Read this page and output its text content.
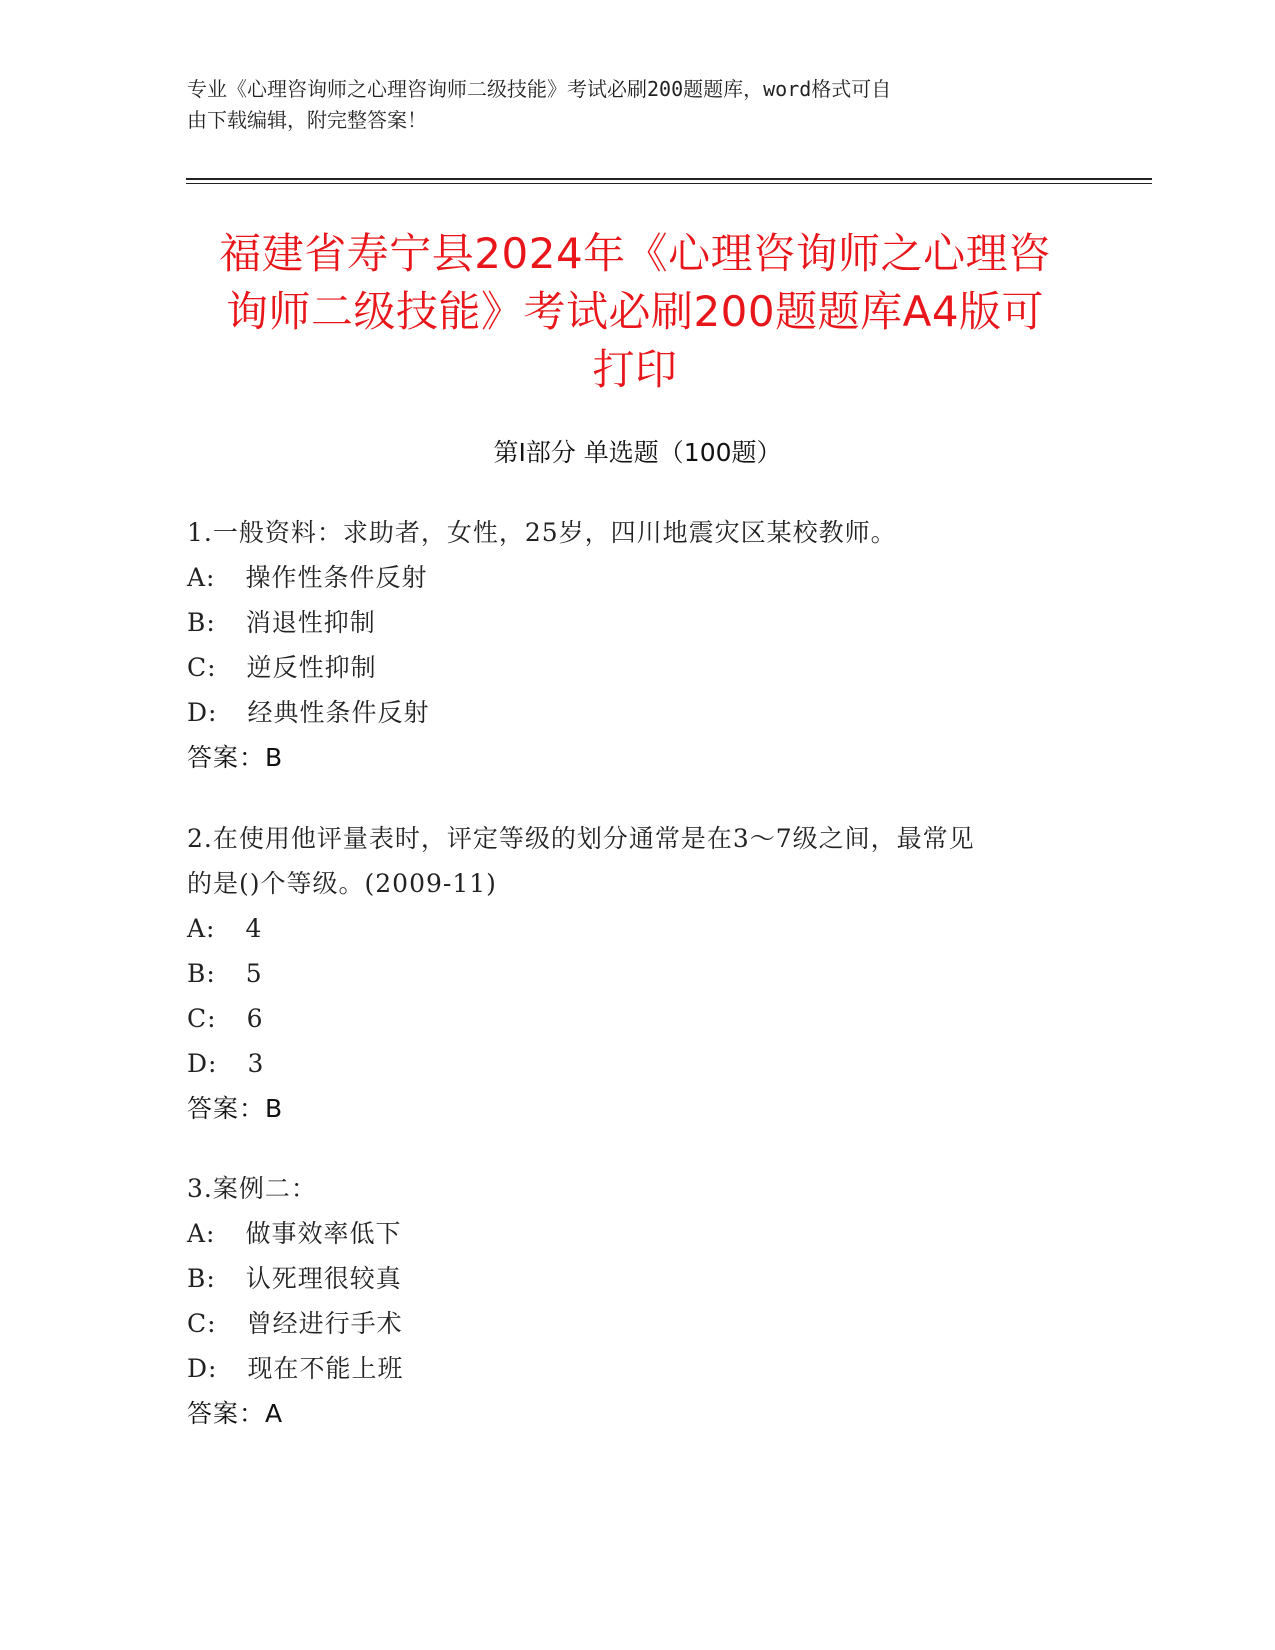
专业《心理咨询师之心理咨询师二级技能》考试必刷200题题库，word格式可自
由下载编辑，附完整答案！
福建省寿宁县2024年《心理咨询师之心理咨
询师二级技能》考试必刷200题题库A4版可
打印
第Ⅰ部分 单选题（100题）
1.一般资料：求助者，女性，25岁，四川地震灾区某校教师。
A: 操作性条件反射
B: 消退性抑制
C: 逆反性抑制
D: 经典性条件反射
答案：B
2.在使用他评量表时，评定等级的划分通常是在3～7级之间，最常见
的是()个等级。(2009-11)
A: 4
B: 5
C: 6
D: 3
答案：B
3.案例二：
A: 做事效率低下
B: 认死理很较真
C: 曾经进行手术
D: 现在不能上班
答案：A
